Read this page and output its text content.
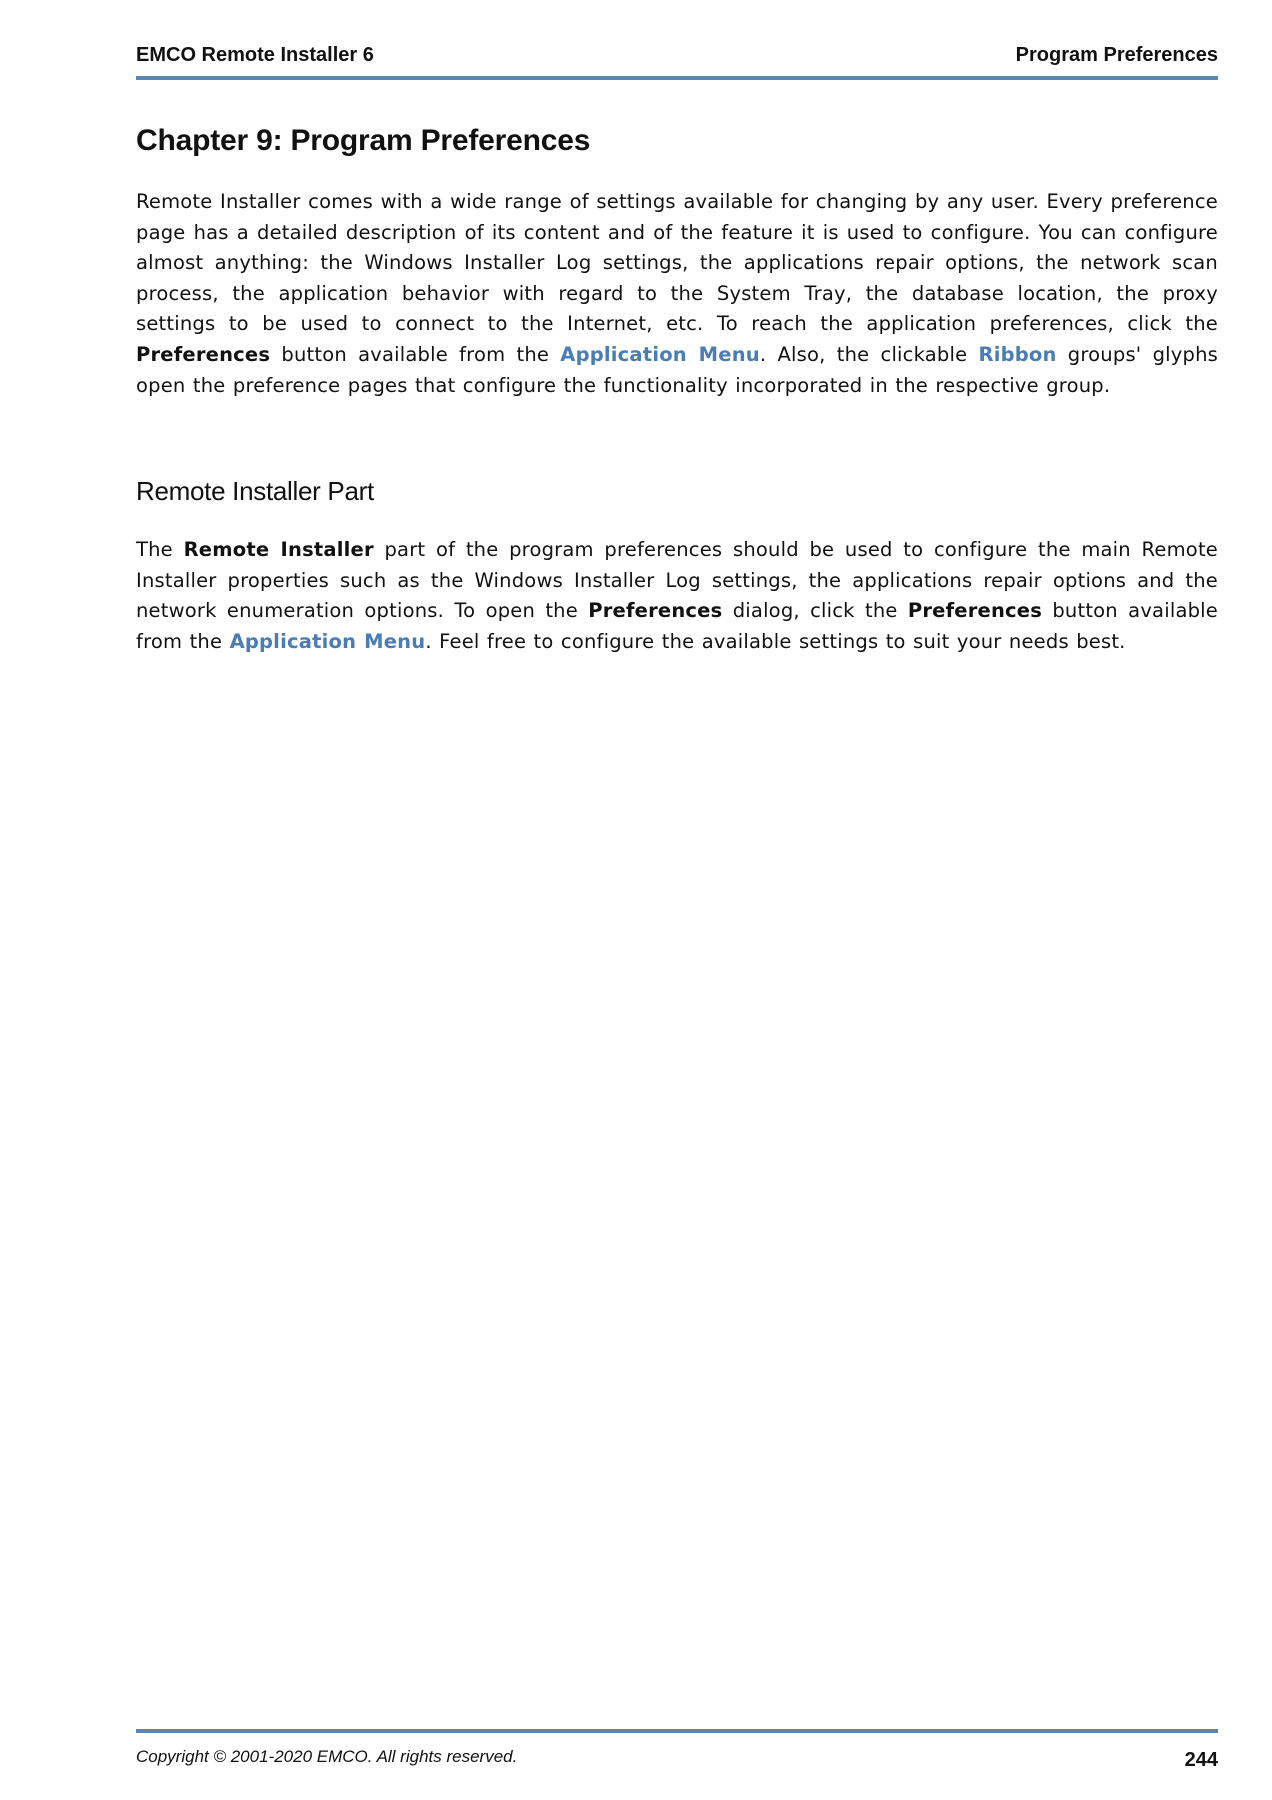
EMCO Remote Installer 6	Program Preferences
Chapter 9: Program Preferences

Remote Installer comes with a wide range of settings available for changing by any user. Every preference page has a detailed description of its content and of the feature it is used to configure. You can configure almost anything: the Windows Installer Log settings, the applications repair options, the network scan process, the application behavior with regard to the System Tray, the database location, the proxy settings to be used to connect to the Internet, etc. To reach the application preferences, click the Preferences button available from the Application Menu. Also, the clickable Ribbon groups' glyphs open the preference pages that configure the functionality incorporated in the respective group.

Remote Installer Part

The Remote Installer part of the program preferences should be used to configure the main Remote Installer properties such as the Windows Installer Log settings, the applications repair options and the network enumeration options. To open the Preferences dialog, click the Preferences button available from the Application Menu. Feel free to configure the available settings to suit your needs best.

Copyright © 2001-2020 EMCO. All rights reserved.	244
